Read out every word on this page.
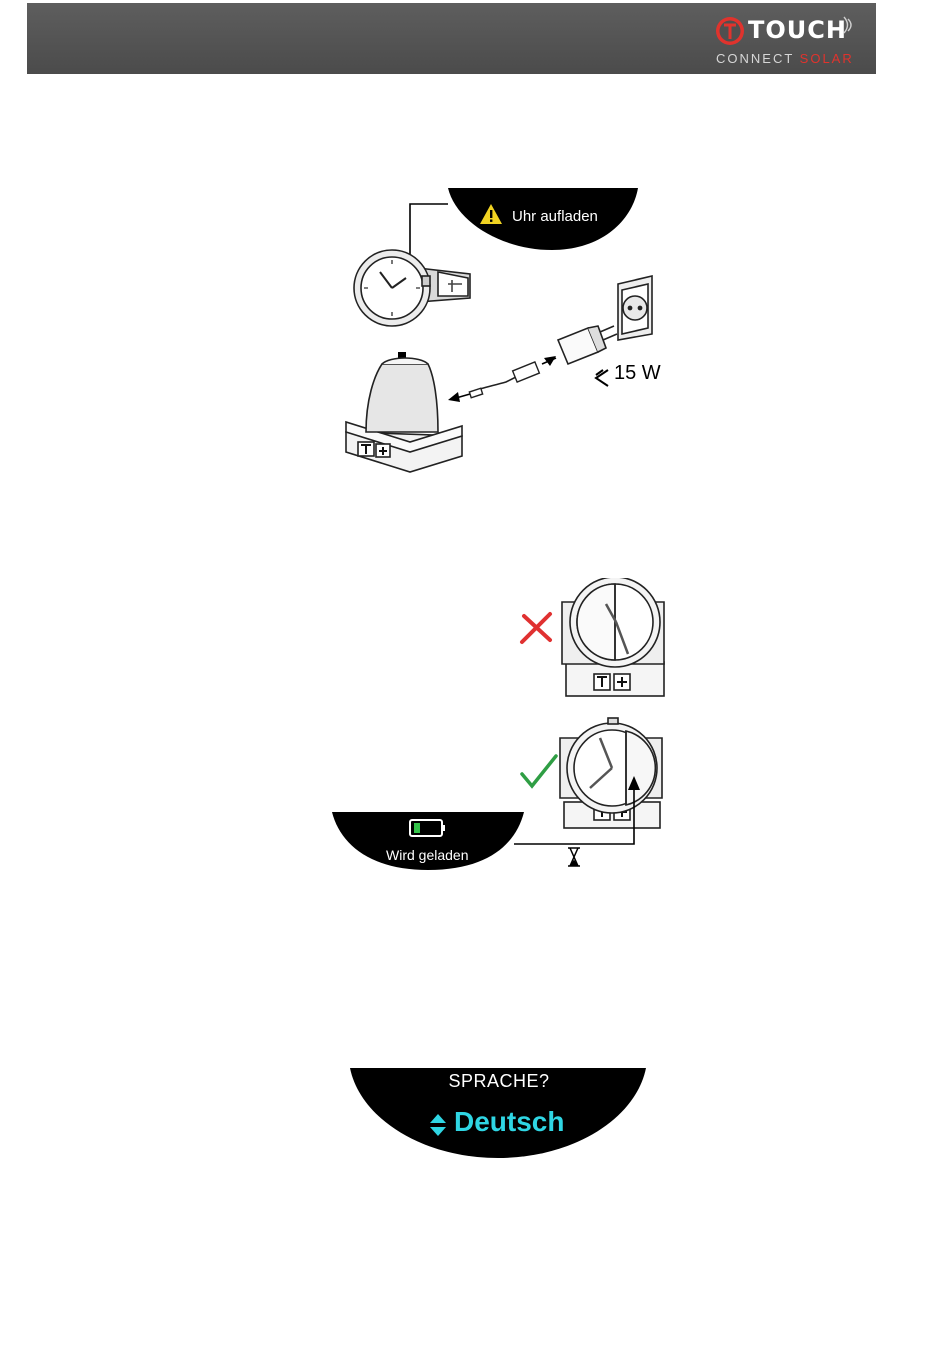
TOUCH
CONNECT SOLAR
Uhr aufladen
15 W
Wird geladen
SPRACHE?
Deutsch
